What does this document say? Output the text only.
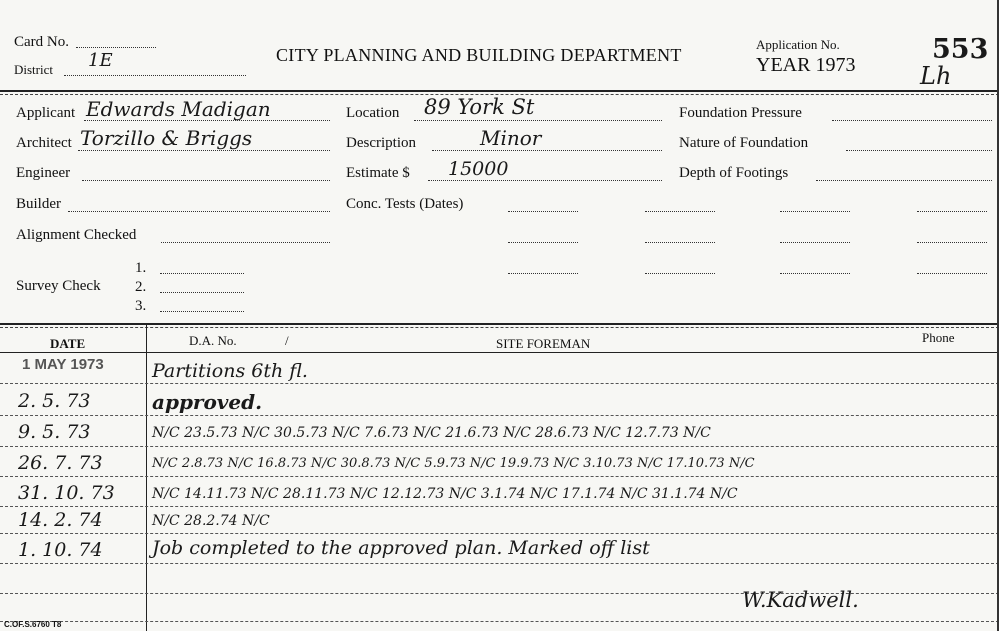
Card No.
District 1E	CITY PLANNING AND BUILDING DEPARTMENT
Application No.
YEAR 1973	553
Lh
Applicant Edwards Madigan
Architect Torzillo & Briggs
Engineer
Builder
Alignment Checked
1.
Survey Check 2.
3.
Location 89 York St
Description	Minor
Estimate $ 15000
Conc. Tests (Dates)
Foundation Pressure
Nature of Foundation
Depth of Footings
DATE	D.A. No.	/	SITE FOREMAN	Phone
1 MAY 1973	Partitions 6th fl.
2. 5. 73	approved.
9. 5. 73	N/C 23.5.73 N/C 30.5.73 N/C 7.6.73 N/C 21.6.73 N/C 28.6.73 N/C 12.7.73 N/C
26. 7. 73	N/C 2.8.73 N/C 16.8.73 N/C 30.8.73 N/C 5.9.73 N/C 19.9.73 N/C 3.10.73 N/C 17.10.73 N/C
31. 10. 73	N/C 14.11.73 N/C 28.11.73 N/C 12.12.73 N/C 3.1.74 N/C 17.1.74 N/C 31.1.74 N/C
14. 2. 74	N/C 28.2.74 N/C
1. 10. 74	Job completed to the approved plan. Marked off list
W.Kadwell.
C.OF.S.6760 T8
